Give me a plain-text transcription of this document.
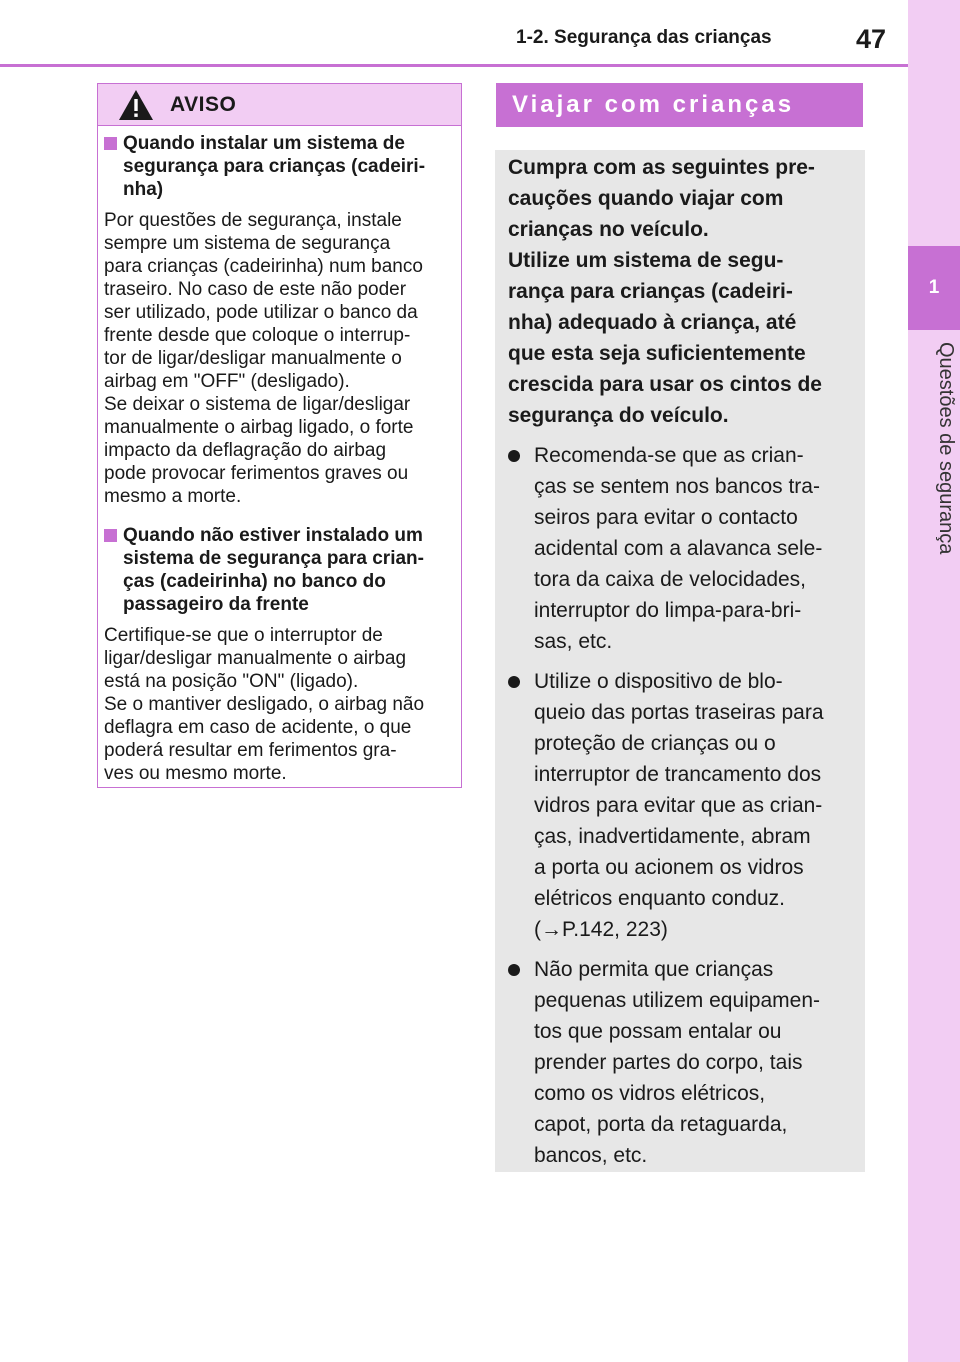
1-2. Segurança das crianças	47
1
Questões de segurança
AVISO
Quando instalar um sistema de
segurança para crianças (cadeiri-
nha)

Por questões de segurança, instale
sempre um sistema de segurança
para crianças (cadeirinha) num banco
traseiro. No caso de este não poder
ser utilizado, pode utilizar o banco da
frente desde que coloque o interrup-
tor de ligar/desligar manualmente o
airbag em "OFF" (desligado).
Se deixar o sistema de ligar/desligar
manualmente o airbag ligado, o forte
impacto da deflagração do airbag
pode provocar ferimentos graves ou
mesmo a morte.

Quando não estiver instalado um
sistema de segurança para crian-
ças (cadeirinha) no banco do
passageiro da frente

Certifique-se que o interruptor de
ligar/desligar manualmente o airbag
está na posição "ON" (ligado).
Se o mantiver desligado, o airbag não
deflagra em caso de acidente, o que
poderá resultar em ferimentos gra-
ves ou mesmo morte.

Viajar com crianças

Cumpra com as seguintes pre-
cauções quando viajar com
crianças no veículo.
Utilize um sistema de segu-
rança para crianças (cadeiri-
nha) adequado à criança, até
que esta seja suficientemente
crescida para usar os cintos de
segurança do veículo.

Recomenda-se que as crian-
ças se sentem nos bancos tra-
seiros para evitar o contacto
acidental com a alavanca sele-
tora da caixa de velocidades,
interruptor do limpa-para-bri-
sas, etc.
Utilize o dispositivo de blo-
queio das portas traseiras para
proteção de crianças ou o
interruptor de trancamento dos
vidros para evitar que as crian-
ças, inadvertidamente, abram
a porta ou acionem os vidros
elétricos enquanto conduz.
(→P.142, 223)
Não permita que crianças
pequenas utilizem equipamen-
tos que possam entalar ou
prender partes do corpo, tais
como os vidros elétricos,
capot, porta da retaguarda,
bancos, etc.
